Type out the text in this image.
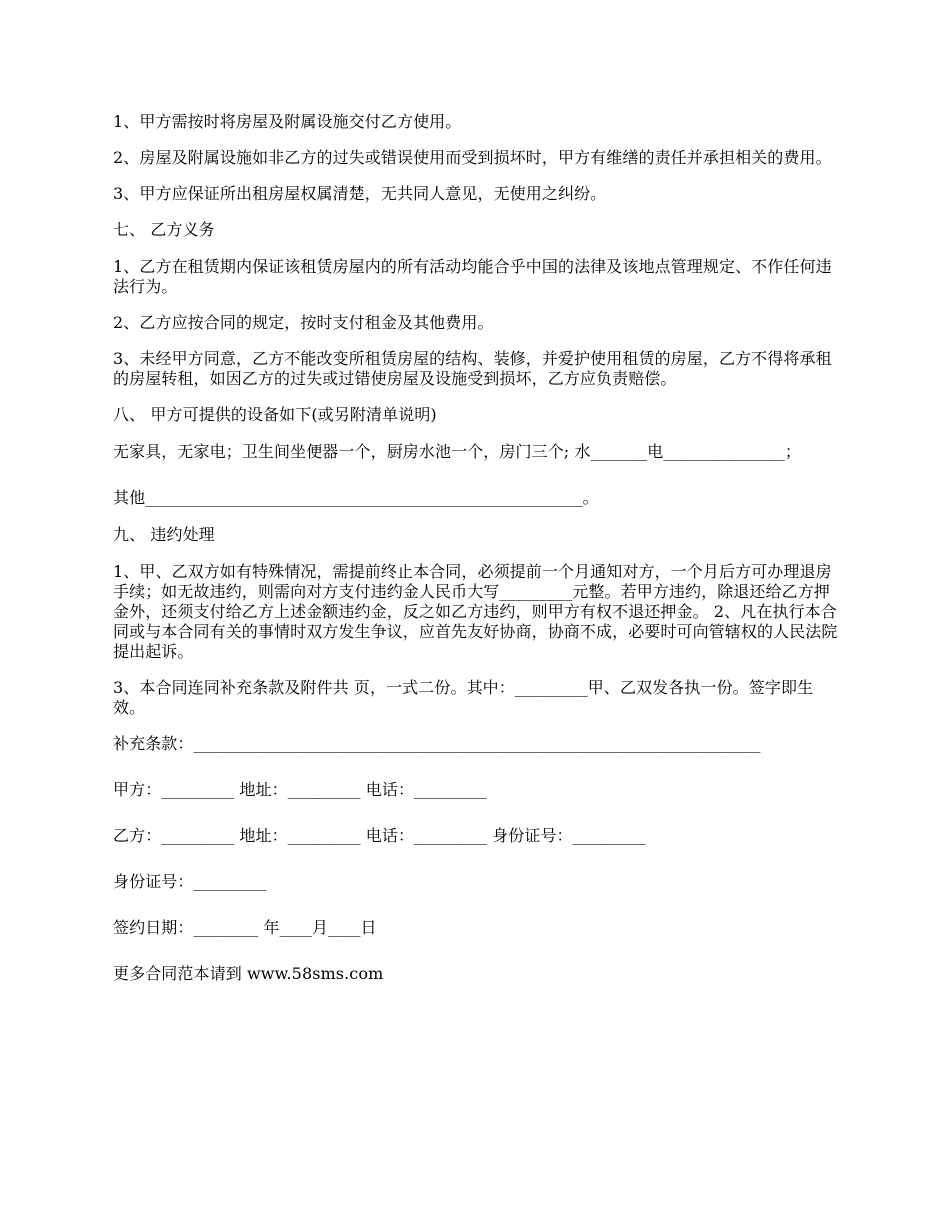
1、甲方需按时将房屋及附属设施交付乙方使用。

2、房屋及附属设施如非乙方的过失或错误使用而受到损坏时，甲方有维缮的责任并承担相关的费用。

3、甲方应保证所出租房屋权属清楚，无共同人意见，无使用之纠纷。

七、 乙方义务

1、乙方在租赁期内保证该租赁房屋内的所有活动均能合乎中国的法律及该地点管理规定、不作任何违法行为。

2、乙方应按合同的规定，按时支付租金及其他费用。

3、未经甲方同意，乙方不能改变所租赁房屋的结构、装修，并爱护使用租赁的房屋，乙方不得将承租的房屋转租，如因乙方的过失或过错使房屋及设施受到损坏，乙方应负责赔偿。

八、 甲方可提供的设备如下(或另附清单说明)

无家具，无家电；卫生间坐便器一个，厨房水池一个，房门三个; 水_______电_______________；

其他______________________________________________________。

九、 违约处理

1、甲、乙双方如有特殊情况，需提前终止本合同，必须提前一个月通知对方，一个月后方可办理退房手续；如无故违约，则需向对方支付违约金人民币大写_________元整。若甲方违约，除退还给乙方押金外，还须支付给乙方上述金额违约金，反之如乙方违约，则甲方有权不退还押金。 2、凡在执行本合同或与本合同有关的事情时双方发生争议，应首先友好协商，协商不成，必要时可向管辖权的人民法院提出起诉。

3、本合同连同补充条款及附件共 页，一式二份。其中：_________甲、乙双发各执一份。签字即生效。

补充条款：______________________________________________________________________

甲方：_________ 地址：_________ 电话：_________

乙方：_________ 地址：_________ 电话：_________ 身份证号：_________

身份证号：_________

签约日期：________ 年____月____日

更多合同范本请到 www.58sms.com
